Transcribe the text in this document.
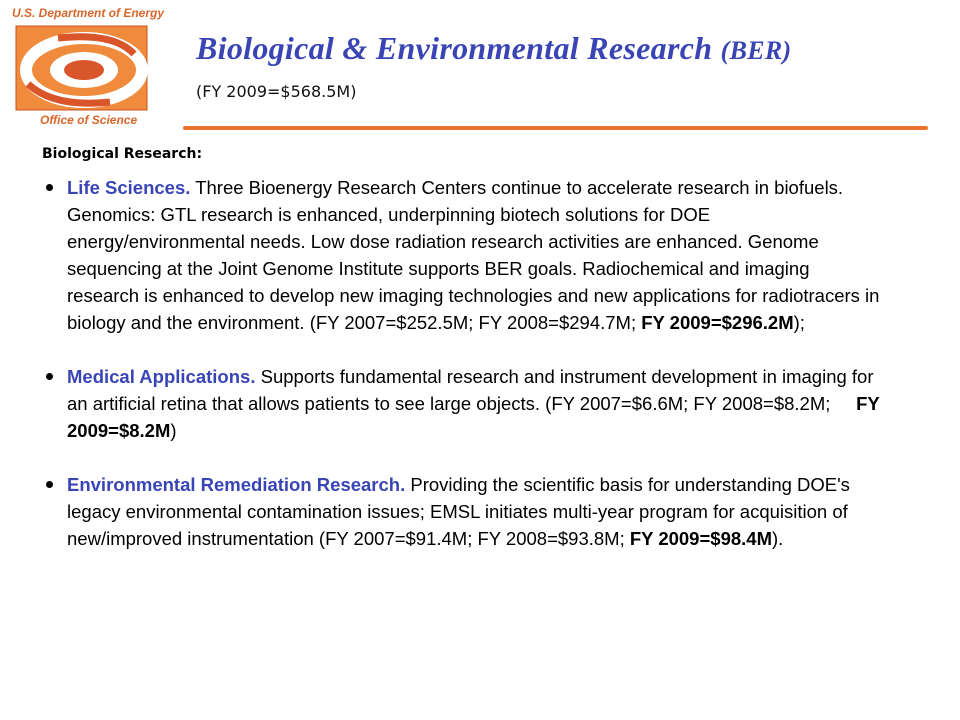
U.S. Department of Energy
Office of Science
Biological & Environmental Research (BER)
(FY 2009=$568.5M)
Biological Research:
Life Sciences. Three Bioenergy Research Centers continue to accelerate research in biofuels. Genomics: GTL research is enhanced, underpinning biotech solutions for DOE energy/environmental needs. Low dose radiation research activities are enhanced. Genome sequencing at the Joint Genome Institute supports BER goals. Radiochemical and imaging research is enhanced to develop new imaging technologies and new applications for radiotracers in biology and the environment. (FY 2007=$252.5M; FY 2008=$294.7M; FY 2009=$296.2M);
Medical Applications. Supports fundamental research and instrument development in imaging for an artificial retina that allows patients to see large objects. (FY 2007=$6.6M; FY 2008=$8.2M;     FY 2009=$8.2M)
Environmental Remediation Research. Providing the scientific basis for understanding DOE's legacy environmental contamination issues; EMSL initiates multi-year program for acquisition of new/improved instrumentation (FY 2007=$91.4M; FY 2008=$93.8M; FY 2009=$98.4M).
